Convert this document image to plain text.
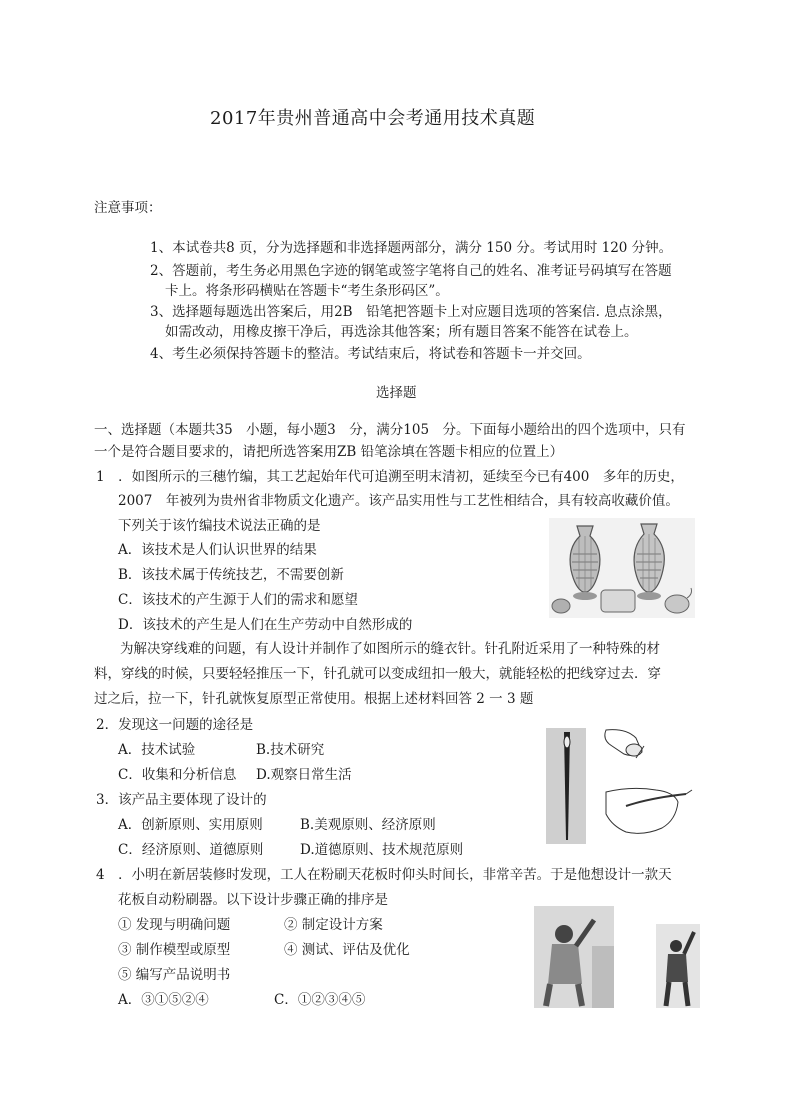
2017年贵州普通高中会考通用技术真题
注意事项：
1、本试卷共8 页，分为选择题和非选择题两部分，满分 150 分。考试用时 120 分钟。
2、答题前，考生务必用黑色字迹的钢笔或签字笔将自己的姓名、准考证号码填写在答题
卡上。将条形码横贴在答题卡“考生条形码区”。
3、选择题每题选出答案后，用2B　铅笔把答题卡上对应题目选项的答案信. 息点涂黑，
如需改动，用橡皮擦干净后，再选涂其他答案；所有题目答案不能答在试卷上。
4、考生必须保持答题卡的整洁。考试结束后，将试卷和答题卡一并交回。
选择题
一、选择题（本题共35　小题，每小题3　分，满分105　分。下面每小题给出的四个选项中，只有
一个是符合题目要求的，请把所选答案用ZB 铅笔涂填在答题卡相应的位置上）
1　．如图所示的三穗竹编，其工艺起始年代可追溯至明末清初，延续至今已有400　多年的历史，
2007　年被列为贵州省非物质文化遗产。该产品实用性与工艺性相结合，具有较高收藏价值。
下列关于该竹编技术说法正确的是
A．该技术是人们认识世界的结果
B．该技术属于传统技艺，不需要创新
C．该技术的产生源于人们的需求和愿望
D．该技术的产生是人们在生产劳动中自然形成的
为解决穿线难的问题，有人设计并制作了如图所示的缝衣针。针孔附近采用了一种特殊的材
料，穿线的时候，只要轻轻推压一下，针孔就可以变成纽扣一般大，就能轻松的把线穿过去．穿
过之后，拉一下，针孔就恢复原型正常使用。根据上述材料回答 2 一 3 题
2．发现这一问题的途径是
A．技术试验	B.技术研究
C．收集和分析信息 D.观察日常生活
3．该产品主要体现了设计的
A．创新原则、实用原则	B.美观原则、经济原则
C．经济原则、道德原则	D.道德原则、技术规范原则
4　．小明在新居装修时发现，工人在粉刷天花板时仰头时间长，非常辛苦。于是他想设计一款天
花板自动粉刷器。以下设计步骤正确的排序是
① 发现与明确问题	② 制定设计方案
③ 制作模型或原型	④ 测试、评估及优化
⑤ 编写产品说明书
A．③①⑤②④	C．①②③④⑤
